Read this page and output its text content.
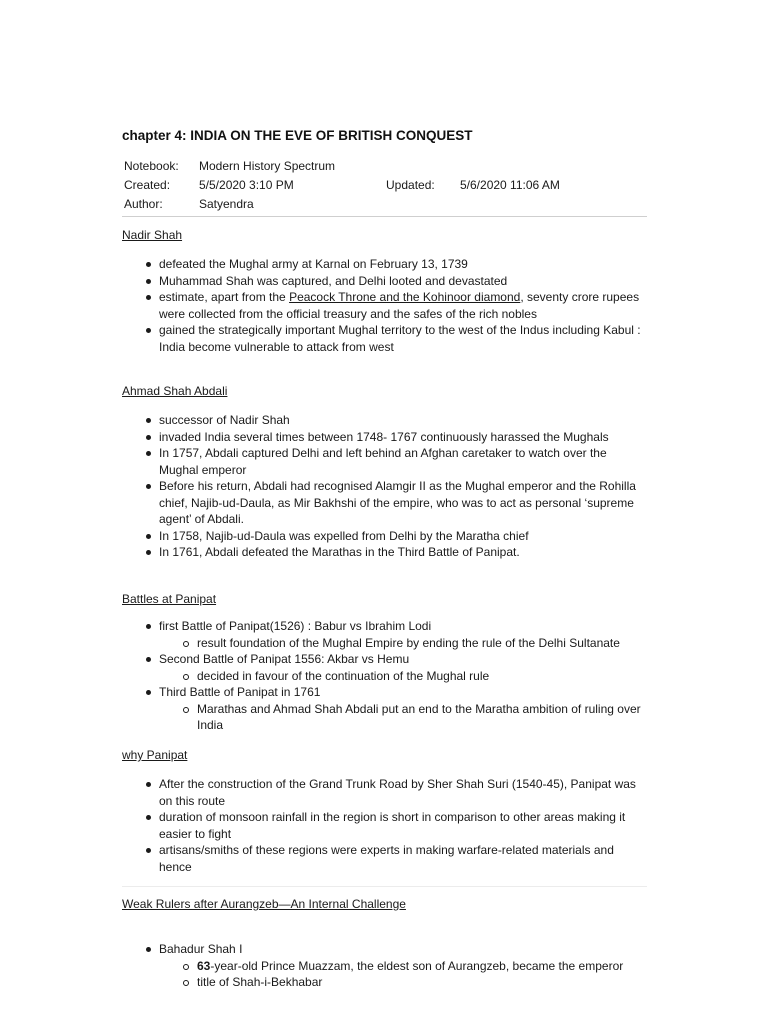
chapter 4: INDIA ON THE EVE OF BRITISH CONQUEST
Notebook: Modern History Spectrum
Created: 5/5/2020 3:10 PM	Updated: 5/6/2020 11:06 AM
Author:	Satyendra
Nadir Shah
defeated the Mughal army at Karnal on February 13, 1739
Muhammad Shah was captured, and Delhi looted and devastated
estimate, apart from the Peacock Throne and the Kohinoor diamond, seventy crore rupees were collected from the official treasury and the safes of the rich nobles
gained the strategically important Mughal territory to the west of the Indus including Kabul : India become vulnerable to attack from west
Ahmad Shah Abdali
successor of Nadir Shah
invaded India several times between 1748- 1767 continuously harassed the Mughals
In 1757, Abdali captured Delhi and left behind an Afghan caretaker to watch over the Mughal emperor
Before his return, Abdali had recognised Alamgir II as the Mughal emperor and the Rohilla chief, Najib-ud-Daula, as Mir Bakhshi of the empire, who was to act as personal ‘supreme agent’ of Abdali.
In 1758, Najib-ud-Daula was expelled from Delhi by the Maratha chief
In 1761, Abdali defeated the Marathas in the Third Battle of Panipat.
Battles at Panipat
first Battle of Panipat(1526) : Babur vs Ibrahim Lodi
result foundation of the Mughal Empire by ending the rule of the Delhi Sultanate
Second Battle of Panipat 1556: Akbar vs Hemu
decided in favour of the continuation of the Mughal rule
Third Battle of Panipat in 1761
Marathas and Ahmad Shah Abdali put an end to the Maratha ambition of ruling over India
why Panipat
After the construction of the Grand Trunk Road by Sher Shah Suri (1540-45), Panipat was on this route
duration of monsoon rainfall in the region is short in comparison to other areas making it easier to fight
artisans/smiths of these regions were experts in making warfare-related materials and hence
Weak Rulers after Aurangzeb—An Internal Challenge
Bahadur Shah I
63-year-old Prince Muazzam, the eldest son of Aurangzeb, became the emperor
title of Shah-i-Bekhabar
